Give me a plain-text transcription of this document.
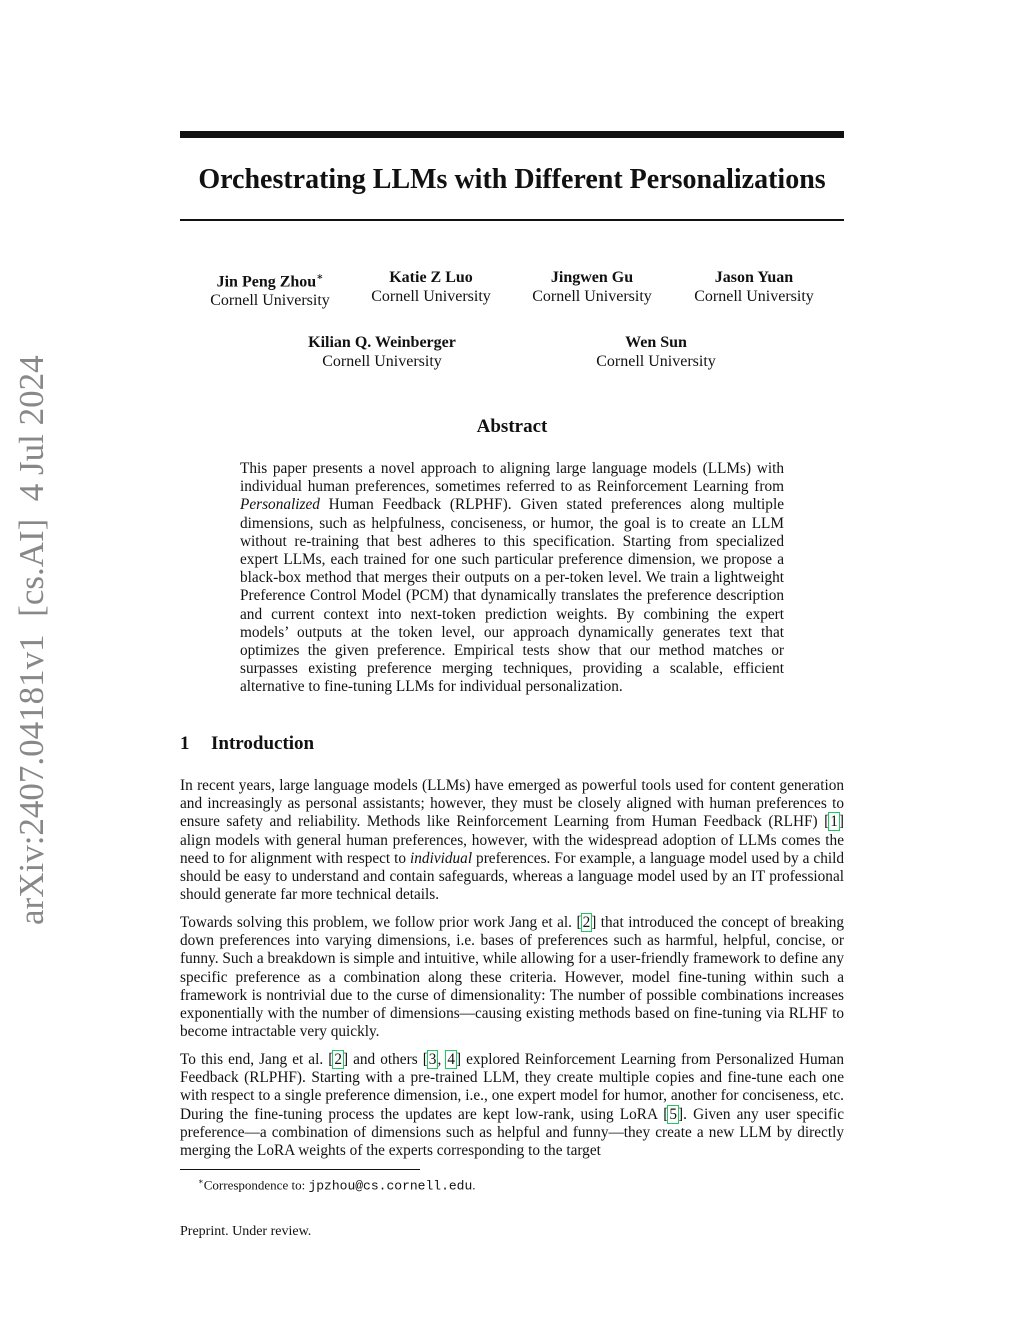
arXiv:2407.04181v1  [cs.AI]  4 Jul 2024
Orchestrating LLMs with Different Personalizations
Jin Peng Zhou∗
Cornell University
Katie Z Luo
Cornell University
Jingwen Gu
Cornell University
Jason Yuan
Cornell University
Kilian Q. Weinberger
Cornell University
Wen Sun
Cornell University
Abstract

This paper presents a novel approach to aligning large language models (LLMs) with individual human preferences, sometimes referred to as Reinforcement Learning from Personalized Human Feedback (RLPHF). Given stated preferences along multiple dimensions, such as helpfulness, conciseness, or humor, the goal is to create an LLM without re-training that best adheres to this specification. Starting from specialized expert LLMs, each trained for one such particular preference dimension, we propose a black-box method that merges their outputs on a per-token level. We train a lightweight Preference Control Model (PCM) that dynamically translates the preference description and current context into next-token prediction weights. By combining the expert models’ outputs at the token level, our approach dynamically generates text that optimizes the given preference. Empirical tests show that our method matches or surpasses existing preference merging techniques, providing a scalable, efficient alternative to fine-tuning LLMs for individual personalization.

1 Introduction

In recent years, large language models (LLMs) have emerged as powerful tools used for content generation and increasingly as personal assistants; however, they must be closely aligned with human preferences to ensure safety and reliability. Methods like Reinforcement Learning from Human Feedback (RLHF) [1] align models with general human preferences, however, with the widespread adoption of LLMs comes the need to for alignment with respect to individual preferences. For example, a language model used by a child should be easy to understand and contain safeguards, whereas a language model used by an IT professional should generate far more technical details.

Towards solving this problem, we follow prior work Jang et al. [2] that introduced the concept of breaking down preferences into varying dimensions, i.e. bases of preferences such as harmful, helpful, concise, or funny. Such a breakdown is simple and intuitive, while allowing for a user-friendly framework to define any specific preference as a combination along these criteria. However, model fine-tuning within such a framework is nontrivial due to the curse of dimensionality: The number of possible combinations increases exponentially with the number of dimensions—causing existing methods based on fine-tuning via RLHF to become intractable very quickly.

To this end, Jang et al. [2] and others [3, 4] explored Reinforcement Learning from Personalized Human Feedback (RLPHF). Starting with a pre-trained LLM, they create multiple copies and fine-tune each one with respect to a single preference dimension, i.e., one expert model for humor, another for conciseness, etc. During the fine-tuning process the updates are kept low-rank, using LoRA [5]. Given any user specific preference—a combination of dimensions such as helpful and funny—they create a new LLM by directly merging the LoRA weights of the experts corresponding to the target

∗Correspondence to: jpzhou@cs.cornell.edu.

Preprint. Under review.
